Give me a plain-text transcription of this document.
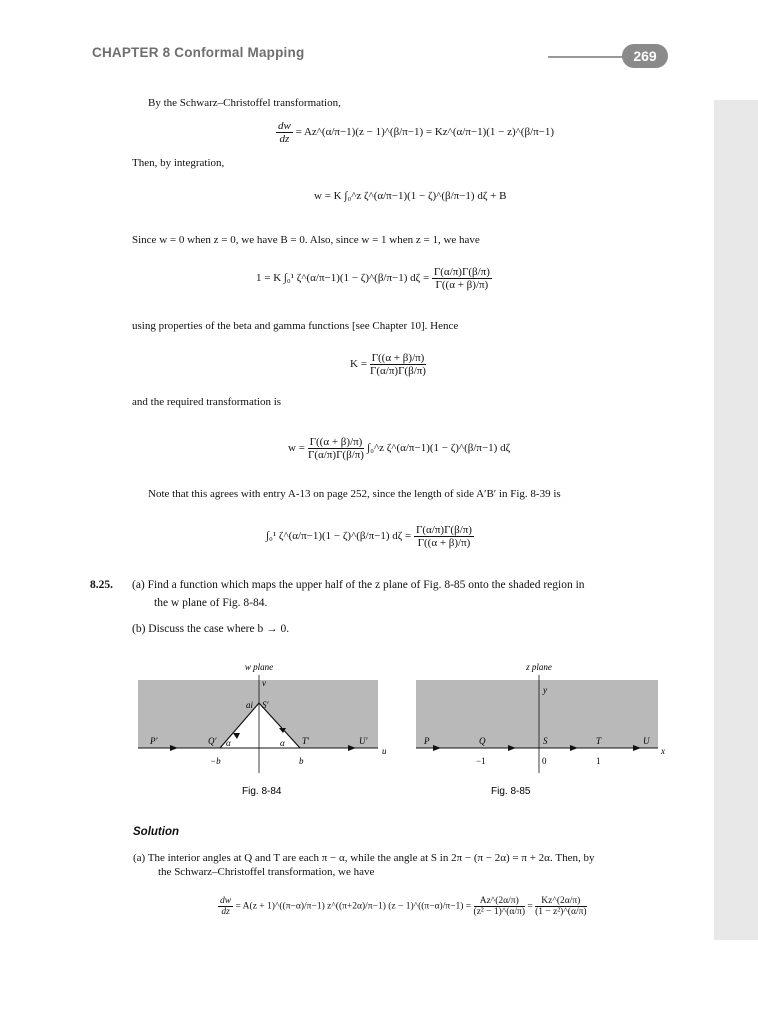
CHAPTER 8 Conformal Mapping	269
By the Schwarz–Christoffel transformation,
$\frac{dw}{dz}$ = Az^(α/π−1)(z − 1)^(β/π−1) = Kz^(α/π−1)(1 − z)^(β/π−1)
Then, by integration,
w = K ∫₀^z ζ^(α/π−1)(1 − ζ)^(β/π−1) dζ + B
Since w = 0 when z = 0, we have B = 0. Also, since w = 1 when z = 1, we have
1 = K ∫₀¹ ζ^(α/π−1)(1 − ζ)^(β/π−1) $d\zeta = \frac{\Gamma(\alpha/\pi)\Gamma(\beta/\pi)}{\Gamma((\alpha + \beta)/\pi)}$
using properties of the beta and gamma functions [see Chapter 10]. Hence
$K = \frac{\Gamma((\alpha + \beta)/\pi)}{\Gamma(\alpha/\pi)\Gamma(\beta/\pi)}$
and the required transformation is
$w = \frac{\Gamma((\alpha + \beta)/\pi)}{\Gamma(\alpha/\pi)\Gamma(\beta/\pi)}$ ∫₀^z ζ^(α/π−1)(1 − ζ)^(β/π−1) dζ
Note that this agrees with entry A-13 on page 252, since the length of side A′B′ in Fig. 8-39 is
∫₀¹ ζ^(α/π−1)(1 − ζ)^(β/π−1) $d\zeta = \frac{\Gamma(\alpha/\pi)\Gamma(\beta/\pi)}{\Gamma((\alpha + \beta)/\pi)}$
8.25. (a) Find a function which maps the upper half of the z plane of Fig. 8-85 onto the shaded region in
the w plane of Fig. 8-84.
(b) Discuss the case where b → 0.
w plane
v
ai S′
P′	Q′ α	α T′	U′
u
−b	b
Fig. 8-84
z plane
y
P	Q	S	T	U
x
−1	0	1
Fig. 8-85
Solution
(a) The interior angles at Q and T are each π − α, while the angle at S in 2π − (π − 2α) = π + 2α. Then, by
the Schwarz–Christoffel transformation, we have
$\frac{dw}{dz} = A(z$ + 1)^((π−α)/π−1) z^((π+2α)/π−1) (z − 1)^((π−α)/π−1) = $\frac{Az\^{}(2\alpha/\pi)}{\text{(z² − 1)\textasciicircum{}(α/π)}} = \frac{Kz\^{}(2\alpha/\pi)}{\text{(1 − z²)\textasciicircum{}(α/π)}}$
